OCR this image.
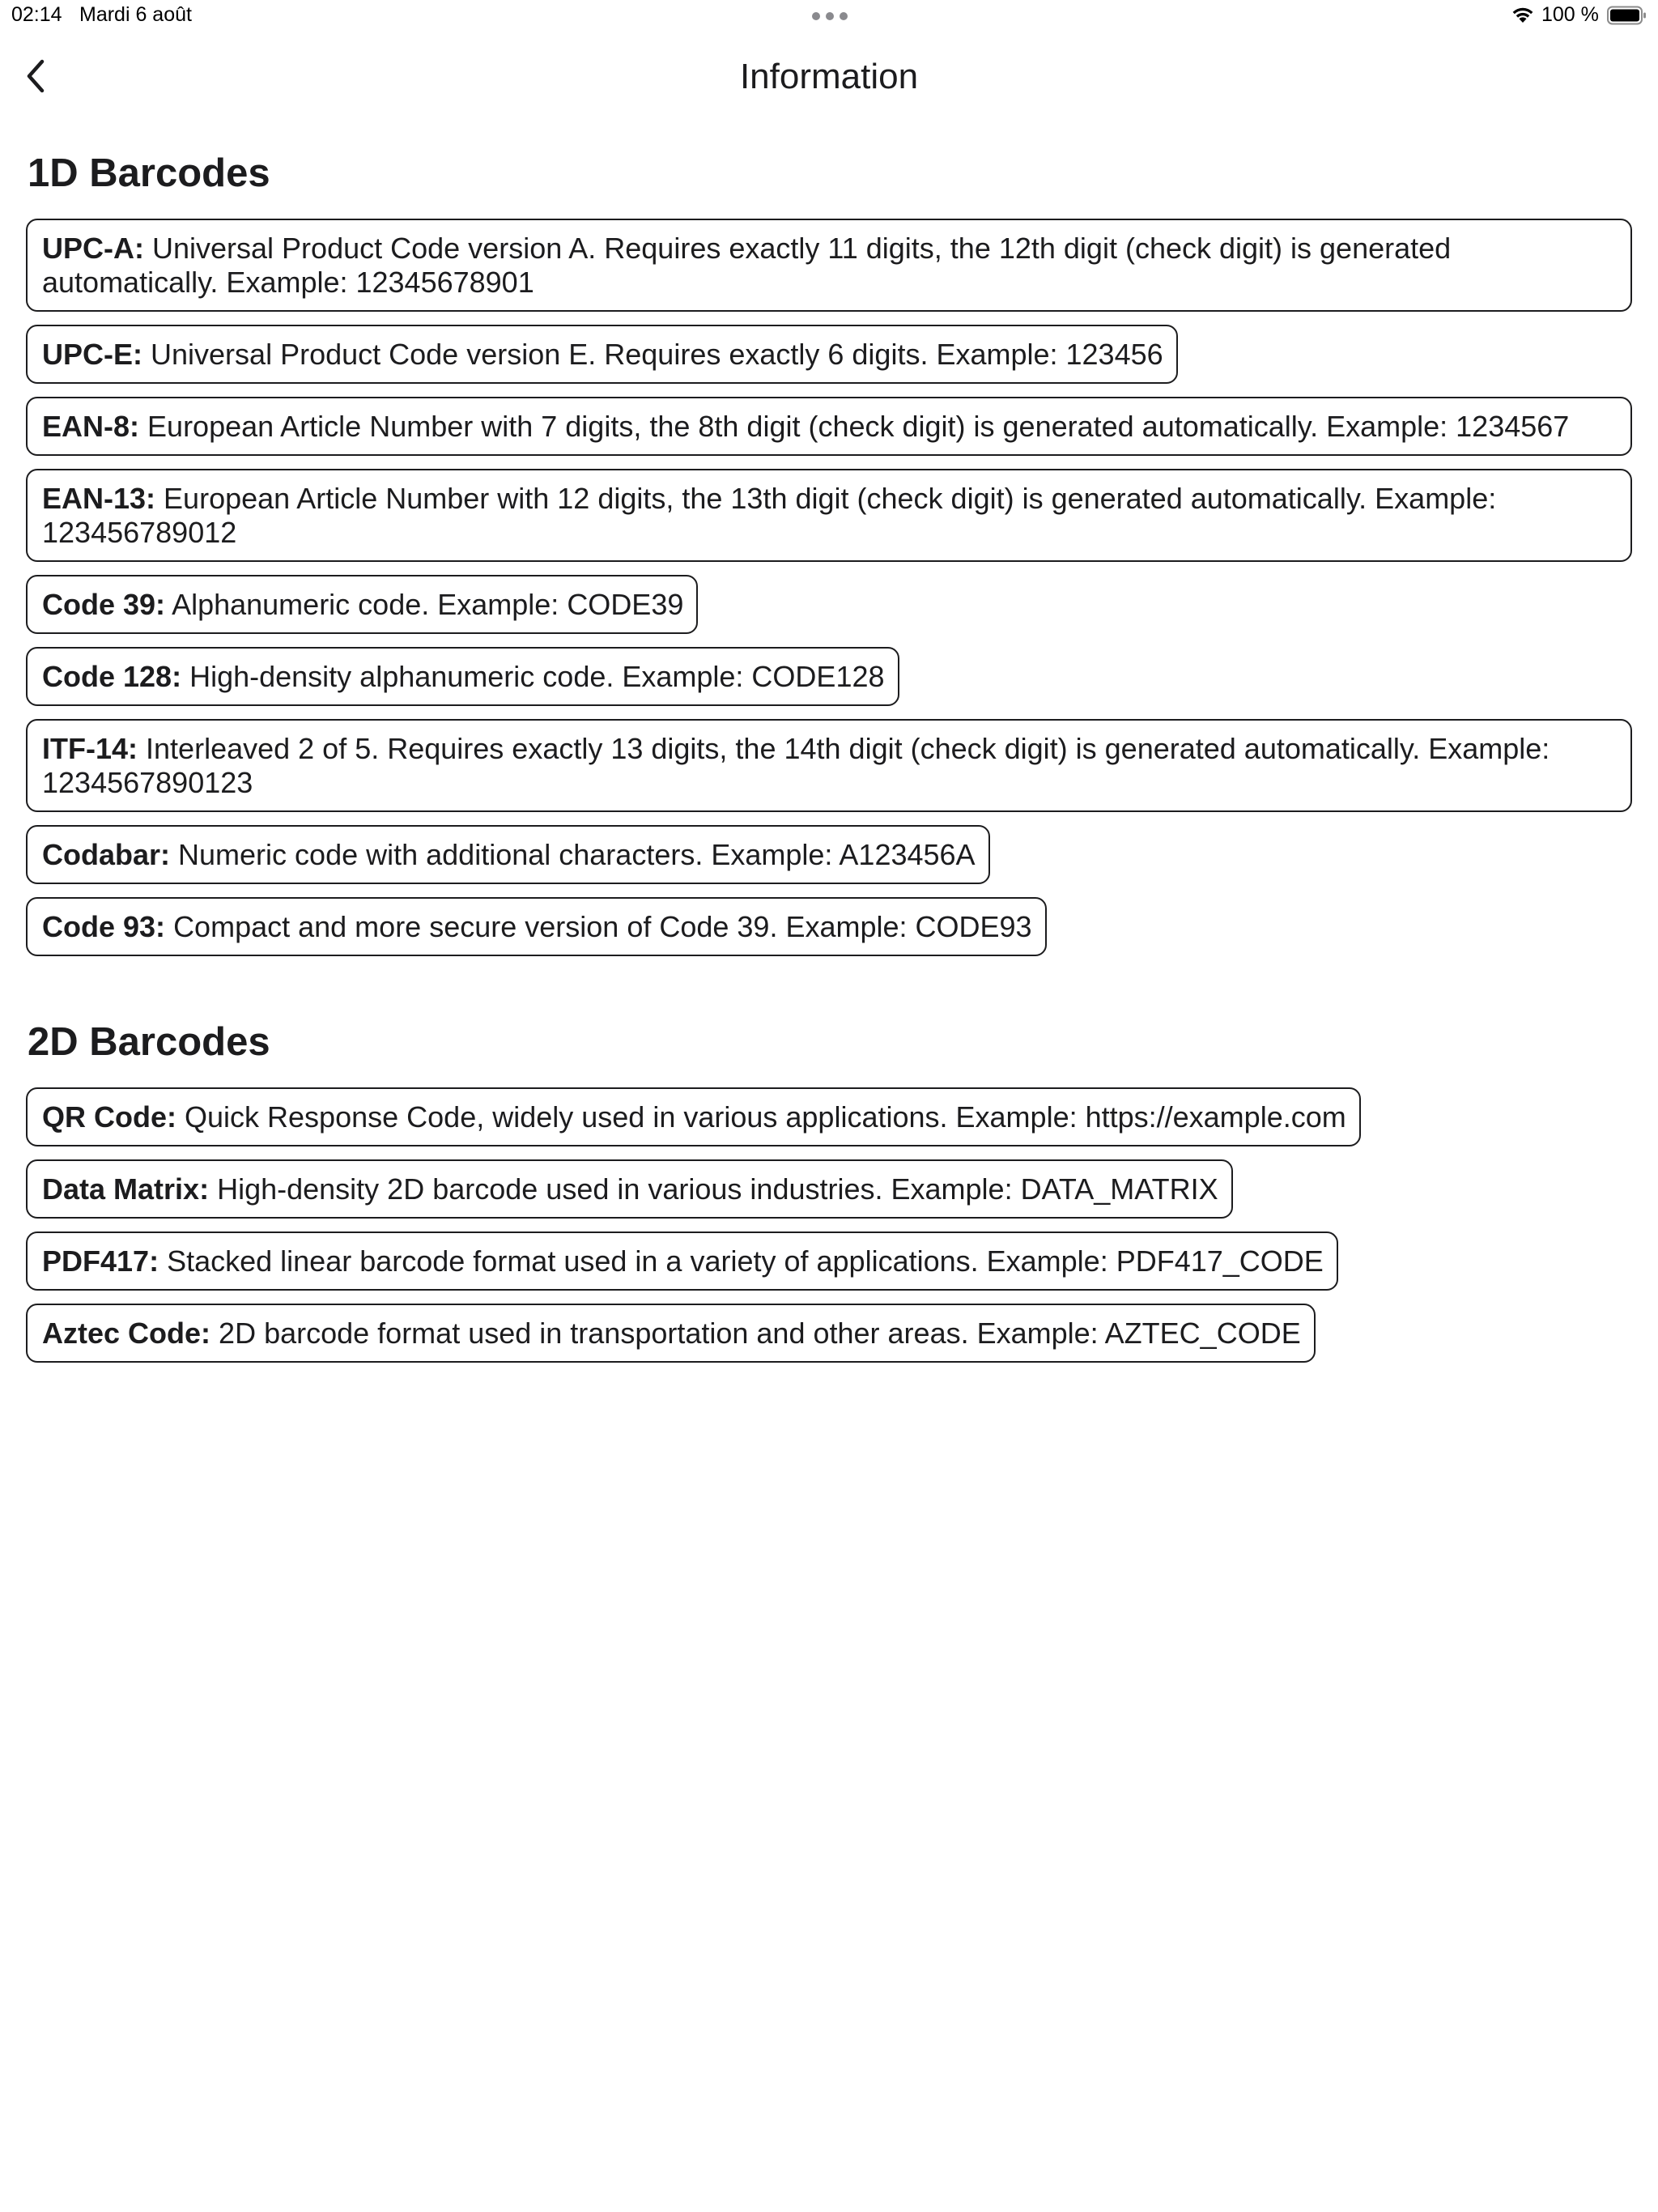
02:14 Mardi 6 août	100 %
Information
1D Barcodes
UPC-A: Universal Product Code version A. Requires exactly 11 digits, the 12th digit (check digit) is generated automatically. Example: 12345678901
UPC-E: Universal Product Code version E. Requires exactly 6 digits. Example: 123456
EAN-8: European Article Number with 7 digits, the 8th digit (check digit) is generated automatically. Example: 1234567
EAN-13: European Article Number with 12 digits, the 13th digit (check digit) is generated automatically. Example: 123456789012
Code 39: Alphanumeric code. Example: CODE39
Code 128: High-density alphanumeric code. Example: CODE128
ITF-14: Interleaved 2 of 5. Requires exactly 13 digits, the 14th digit (check digit) is generated automatically. Example: 1234567890123
Codabar: Numeric code with additional characters. Example: A123456A
Code 93: Compact and more secure version of Code 39. Example: CODE93
2D Barcodes
QR Code: Quick Response Code, widely used in various applications. Example: https://example.com
Data Matrix: High-density 2D barcode used in various industries. Example: DATA_MATRIX
PDF417: Stacked linear barcode format used in a variety of applications. Example: PDF417_CODE
Aztec Code: 2D barcode format used in transportation and other areas. Example: AZTEC_CODE
